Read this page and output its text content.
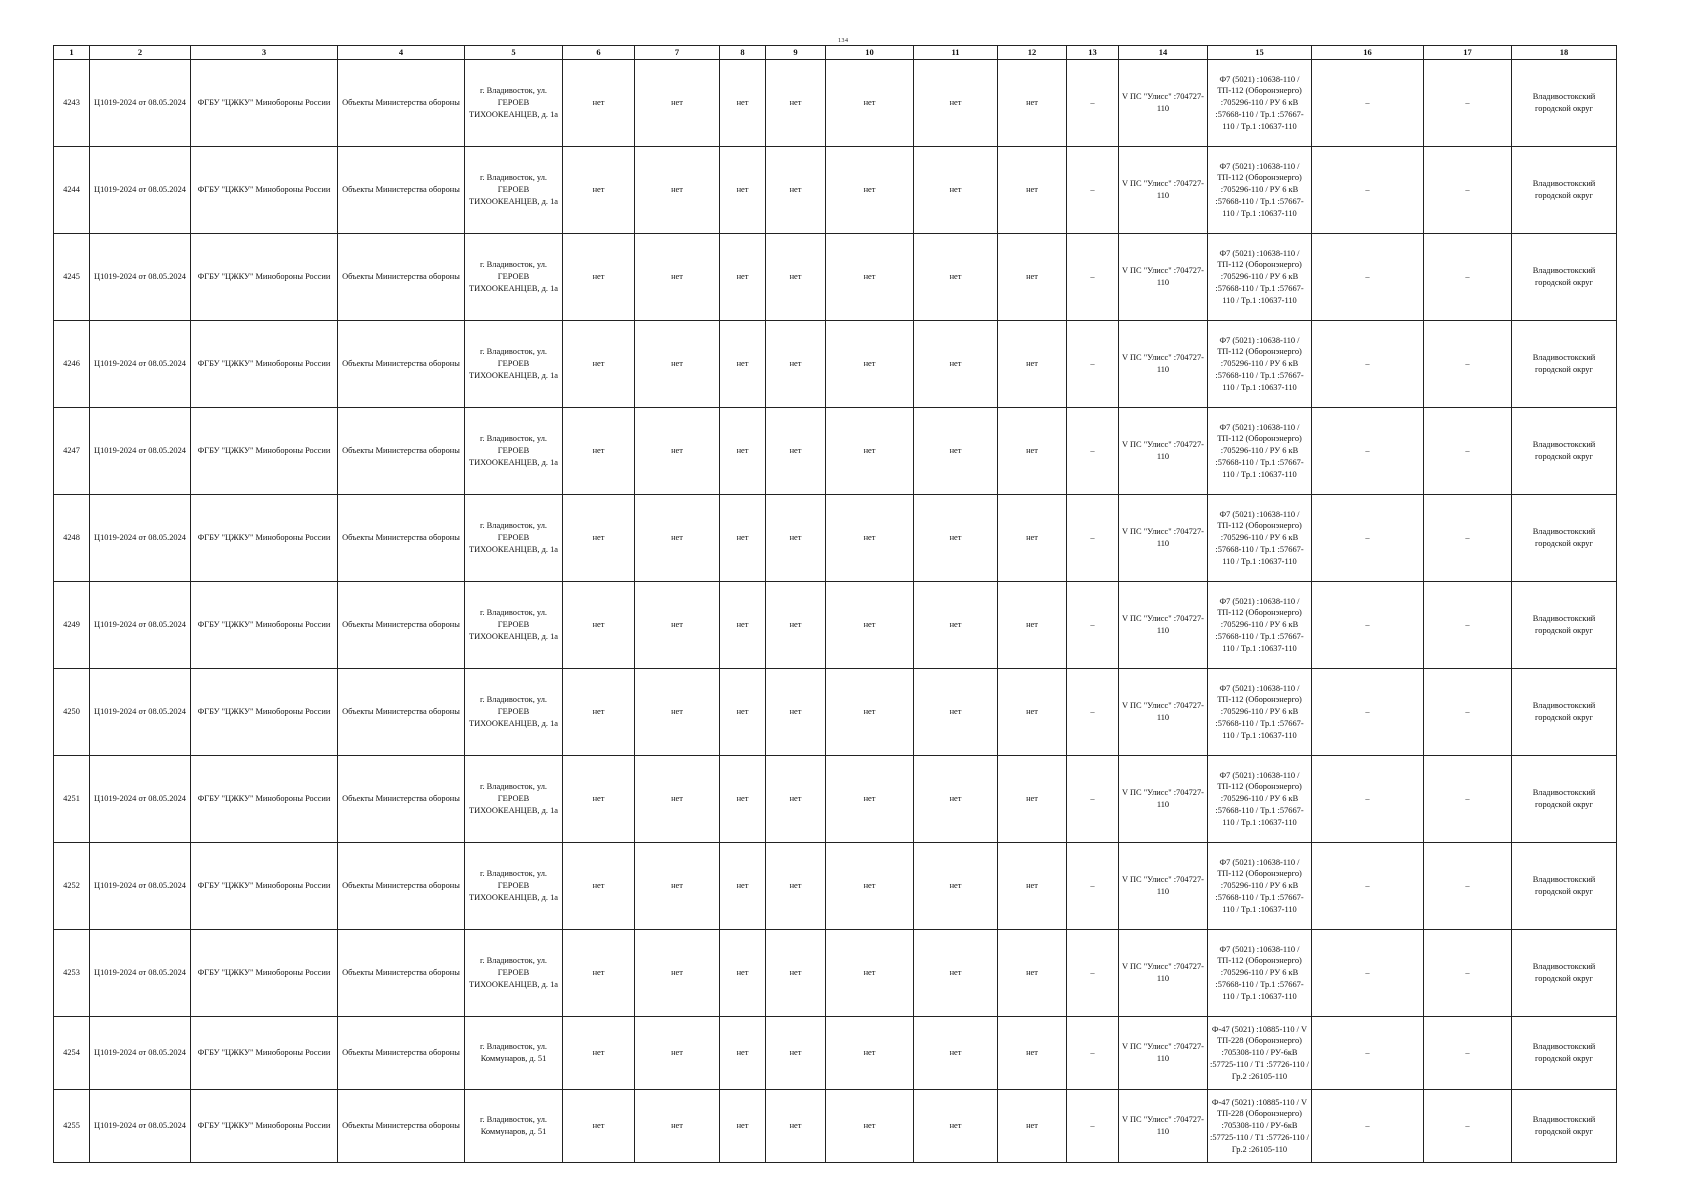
134
1	2	3	4	5	6	7	8	9	10	11	12	13	14	15	16	17	18
4243	Ц1019-2024 от 08.05.2024	ФГБУ "ЦЖКУ" Минобороны России	Объекты Министерства обороны	г. Владивосток, ул. ГЕРОЕВ ТИХООКЕАНЦЕВ, д. 1а	нет	нет	нет	нет	нет	нет	нет	–	V ПС "Улисс" :704727-110	Ф7 (5021) :10638-110 / ТП-112 (Оборонэнерго) :705296-110 / РУ 6 кВ :57668-110 / Тр.1 :57667-110 / Тр.1 :10637-110	–	–	Владивостокский городской округ
4244	Ц1019-2024 от 08.05.2024	ФГБУ "ЦЖКУ" Минобороны России	Объекты Министерства обороны	г. Владивосток, ул. ГЕРОЕВ ТИХООКЕАНЦЕВ, д. 1а	нет	нет	нет	нет	нет	нет	нет	–	V ПС "Улисс" :704727-110	Ф7 (5021) :10638-110 / ТП-112 (Оборонэнерго) :705296-110 / РУ 6 кВ :57668-110 / Тр.1 :57667-110 / Тр.1 :10637-110	–	–	Владивостокский городской округ
4245	Ц1019-2024 от 08.05.2024	ФГБУ "ЦЖКУ" Минобороны России	Объекты Министерства обороны	г. Владивосток, ул. ГЕРОЕВ ТИХООКЕАНЦЕВ, д. 1а	нет	нет	нет	нет	нет	нет	нет	–	V ПС "Улисс" :704727-110	Ф7 (5021) :10638-110 / ТП-112 (Оборонэнерго) :705296-110 / РУ 6 кВ :57668-110 / Тр.1 :57667-110 / Тр.1 :10637-110	–	–	Владивостокский городской округ
4246	Ц1019-2024 от 08.05.2024	ФГБУ "ЦЖКУ" Минобороны России	Объекты Министерства обороны	г. Владивосток, ул. ГЕРОЕВ ТИХООКЕАНЦЕВ, д. 1а	нет	нет	нет	нет	нет	нет	нет	–	V ПС "Улисс" :704727-110	Ф7 (5021) :10638-110 / ТП-112 (Оборонэнерго) :705296-110 / РУ 6 кВ :57668-110 / Тр.1 :57667-110 / Тр.1 :10637-110	–	–	Владивостокский городской округ
4247	Ц1019-2024 от 08.05.2024	ФГБУ "ЦЖКУ" Минобороны России	Объекты Министерства обороны	г. Владивосток, ул. ГЕРОЕВ ТИХООКЕАНЦЕВ, д. 1а	нет	нет	нет	нет	нет	нет	нет	–	V ПС "Улисс" :704727-110	Ф7 (5021) :10638-110 / ТП-112 (Оборонэнерго) :705296-110 / РУ 6 кВ :57668-110 / Тр.1 :57667-110 / Тр.1 :10637-110	–	–	Владивостокский городской округ
4248	Ц1019-2024 от 08.05.2024	ФГБУ "ЦЖКУ" Минобороны России	Объекты Министерства обороны	г. Владивосток, ул. ГЕРОЕВ ТИХООКЕАНЦЕВ, д. 1а	нет	нет	нет	нет	нет	нет	нет	–	V ПС "Улисс" :704727-110	Ф7 (5021) :10638-110 / ТП-112 (Оборонэнерго) :705296-110 / РУ 6 кВ :57668-110 / Тр.1 :57667-110 / Тр.1 :10637-110	–	–	Владивостокский городской округ
4249	Ц1019-2024 от 08.05.2024	ФГБУ "ЦЖКУ" Минобороны России	Объекты Министерства обороны	г. Владивосток, ул. ГЕРОЕВ ТИХООКЕАНЦЕВ, д. 1а	нет	нет	нет	нет	нет	нет	нет	–	V ПС "Улисс" :704727-110	Ф7 (5021) :10638-110 / ТП-112 (Оборонэнерго) :705296-110 / РУ 6 кВ :57668-110 / Тр.1 :57667-110 / Тр.1 :10637-110	–	–	Владивостокский городской округ
4250	Ц1019-2024 от 08.05.2024	ФГБУ "ЦЖКУ" Минобороны России	Объекты Министерства обороны	г. Владивосток, ул. ГЕРОЕВ ТИХООКЕАНЦЕВ, д. 1а	нет	нет	нет	нет	нет	нет	нет	–	V ПС "Улисс" :704727-110	Ф7 (5021) :10638-110 / ТП-112 (Оборонэнерго) :705296-110 / РУ 6 кВ :57668-110 / Тр.1 :57667-110 / Тр.1 :10637-110	–	–	Владивостокский городской округ
4251	Ц1019-2024 от 08.05.2024	ФГБУ "ЦЖКУ" Минобороны России	Объекты Министерства обороны	г. Владивосток, ул. ГЕРОЕВ ТИХООКЕАНЦЕВ, д. 1а	нет	нет	нет	нет	нет	нет	нет	–	V ПС "Улисс" :704727-110	Ф7 (5021) :10638-110 / ТП-112 (Оборонэнерго) :705296-110 / РУ 6 кВ :57668-110 / Тр.1 :57667-110 / Тр.1 :10637-110	–	–	Владивостокский городской округ
4252	Ц1019-2024 от 08.05.2024	ФГБУ "ЦЖКУ" Минобороны России	Объекты Министерства обороны	г. Владивосток, ул. ГЕРОЕВ ТИХООКЕАНЦЕВ, д. 1а	нет	нет	нет	нет	нет	нет	нет	–	V ПС "Улисс" :704727-110	Ф7 (5021) :10638-110 / ТП-112 (Оборонэнерго) :705296-110 / РУ 6 кВ :57668-110 / Тр.1 :57667-110 / Тр.1 :10637-110	–	–	Владивостокский городской округ
4253	Ц1019-2024 от 08.05.2024	ФГБУ "ЦЖКУ" Минобороны России	Объекты Министерства обороны	г. Владивосток, ул. ГЕРОЕВ ТИХООКЕАНЦЕВ, д. 1а	нет	нет	нет	нет	нет	нет	нет	–	V ПС "Улисс" :704727-110	Ф7 (5021) :10638-110 / ТП-112 (Оборонэнерго) :705296-110 / РУ 6 кВ :57668-110 / Тр.1 :57667-110 / Тр.1 :10637-110	–	–	Владивостокский городской округ
4254	Ц1019-2024 от 08.05.2024	ФГБУ "ЦЖКУ" Минобороны России	Объекты Министерства обороны	г. Владивосток, ул. Коммунаров, д. 51	нет	нет	нет	нет	нет	нет	нет	–	V ПС "Улисс" :704727-110	Ф-47 (5021) :10885-110 / V ТП-228 (Оборонэнерго) :705308-110 / РУ-6кВ :57725-110 / Т1 :57726-110 / Гр.2 :26105-110	–	–	Владивостокский городской округ
4255	Ц1019-2024 от 08.05.2024	ФГБУ "ЦЖКУ" Минобороны России	Объекты Министерства обороны	г. Владивосток, ул. Коммунаров, д. 51	нет	нет	нет	нет	нет	нет	нет	–	V ПС "Улисс" :704727-110	Ф-47 (5021) :10885-110 / V ТП-228 (Оборонэнерго) :705308-110 / РУ-6кВ :57725-110 / Т1 :57726-110 / Гр.2 :26105-110	–	–	Владивостокский городской округ
